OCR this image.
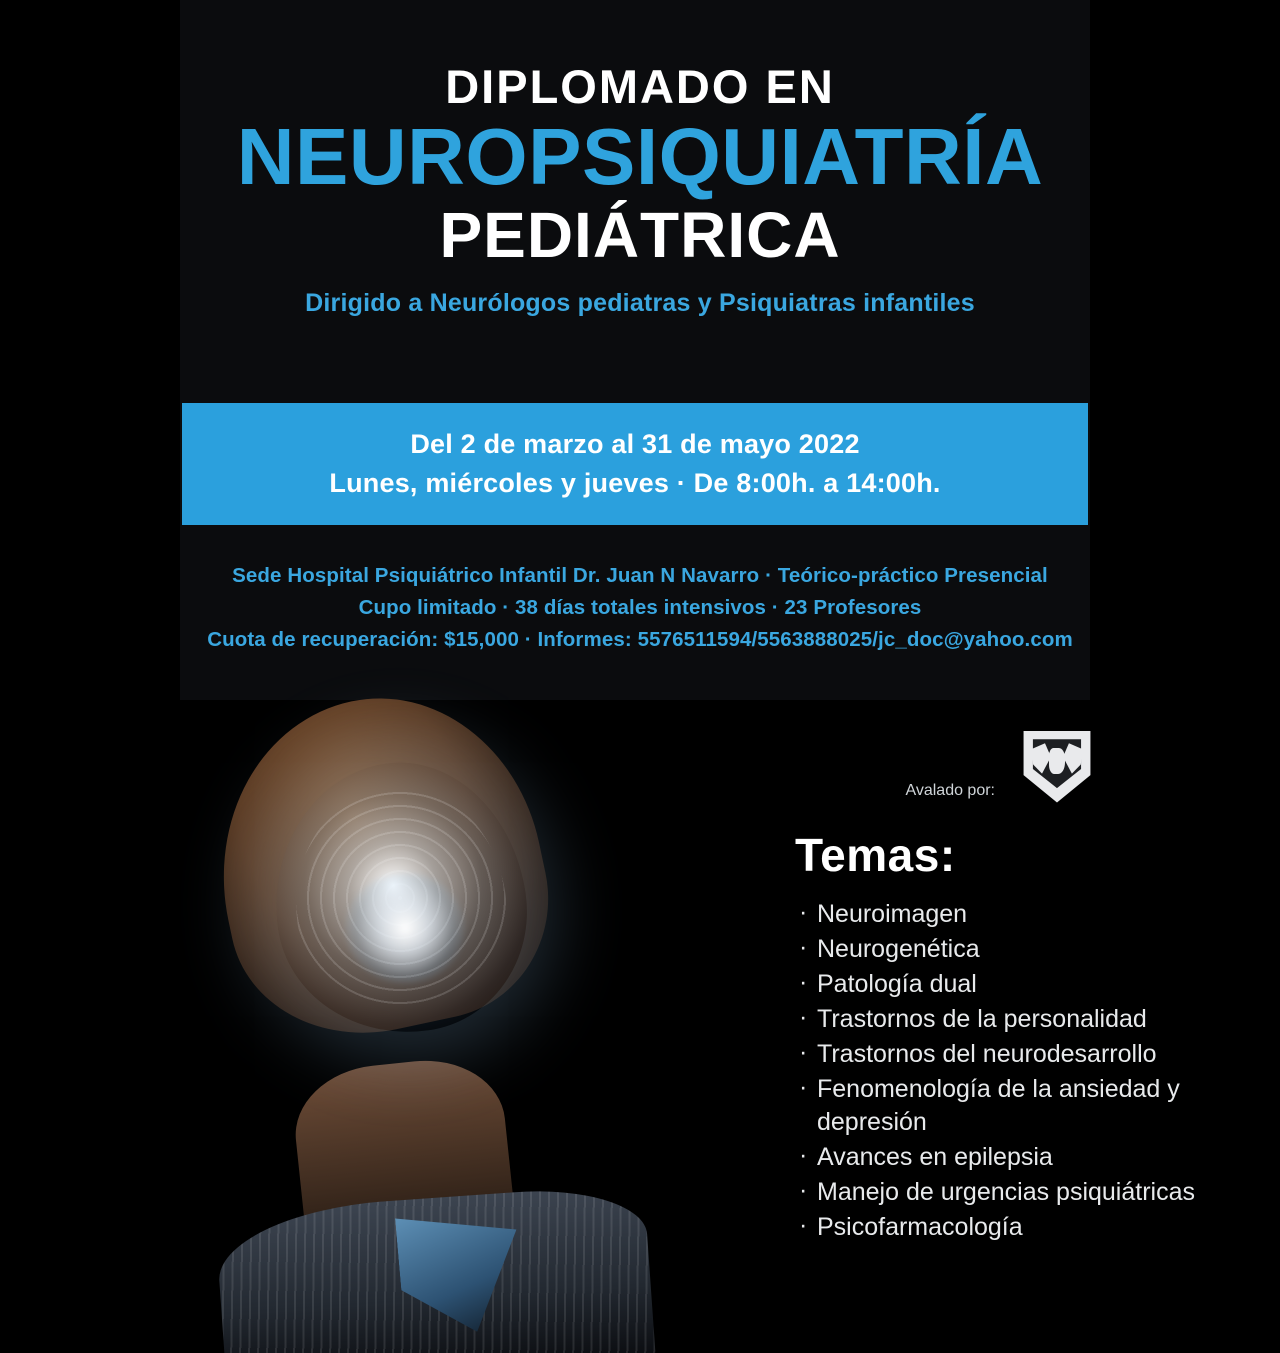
DIPLOMADO EN
NEUROPSIQUIATRÍA
PEDIÁTRICA
Dirigido a Neurólogos pediatras y Psiquiatras infantiles
Del 2 de marzo al 31 de mayo 2022
Lunes, miércoles y jueves · De 8:00h. a 14:00h.
Sede Hospital Psiquiátrico Infantil Dr. Juan N Navarro · Teórico-práctico Presencial
Cupo limitado · 38 días totales intensivos · 23 Profesores
Cuota de recuperación: $15,000 · Informes: 5576511594/5563888025/jc_doc@yahoo.com
Avalado por:
Temas:
· Neuroimagen
· Neurogenética
· Patología dual
· Trastornos de la personalidad
· Trastornos del neurodesarrollo
· Fenomenología de la ansiedad y depresión
· Avances en epilepsia
· Manejo de urgencias psiquiátricas
· Psicofarmacología
